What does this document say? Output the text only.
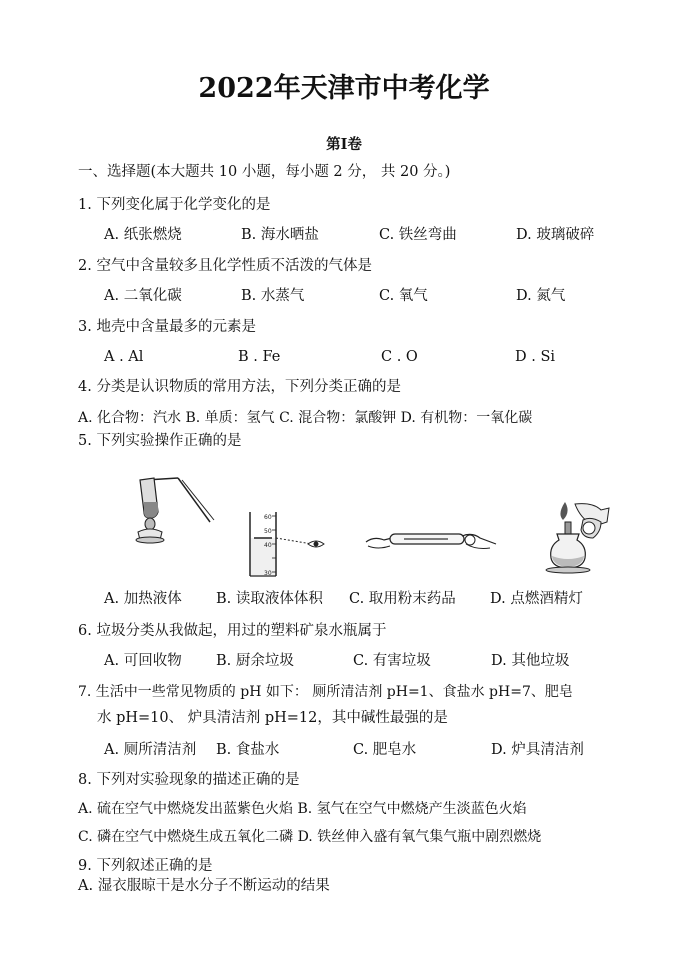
2022年天津市中考化学
第Ⅰ卷
一、选择题(本大题共 10 小题，每小题 2 分， 共 20 分。)
1. 下列变化属于化学变化的是
A. 纸张燃烧	B. 海水晒盐	C. 铁丝弯曲	D. 玻璃破碎
2. 空气中含量较多且化学性质不活泼的气体是
A. 二氧化碳	B. 水蒸气	C. 氧气	D. 氮气
3. 地壳中含量最多的元素是
A . Al	B . Fe	C . O	D . Si
4. 分类是认识物质的常用方法，下列分类正确的是
A. 化合物：汽水 B. 单质：氢气 C. 混合物：氯酸钾 D. 有机物：一氧化碳
5. 下列实验操作正确的是
60
50
40
30
A. 加热液体 B. 读取液体体积 C. 取用粉末药品 D. 点燃酒精灯
6. 垃圾分类从我做起，用过的塑料矿泉水瓶属于
A. 可回收物 B. 厨余垃圾	C. 有害垃圾	D. 其他垃圾
7. 生活中一些常见物质的 pH 如下： 厕所清洁剂 pH=1、食盐水 pH=7、肥皂
水 pH=10、 炉具清洁剂 pH=12，其中碱性最强的是
A. 厕所清洁剂 B. 食盐水	C. 肥皂水	D. 炉具清洁剂
8. 下列对实验现象的描述正确的是
A. 硫在空气中燃烧发出蓝紫色火焰 B. 氢气在空气中燃烧产生淡蓝色火焰
C. 磷在空气中燃烧生成五氧化二磷 D. 铁丝伸入盛有氧气集气瓶中剧烈燃烧
9. 下列叙述正确的是
A. 湿衣服晾干是水分子不断运动的结果
